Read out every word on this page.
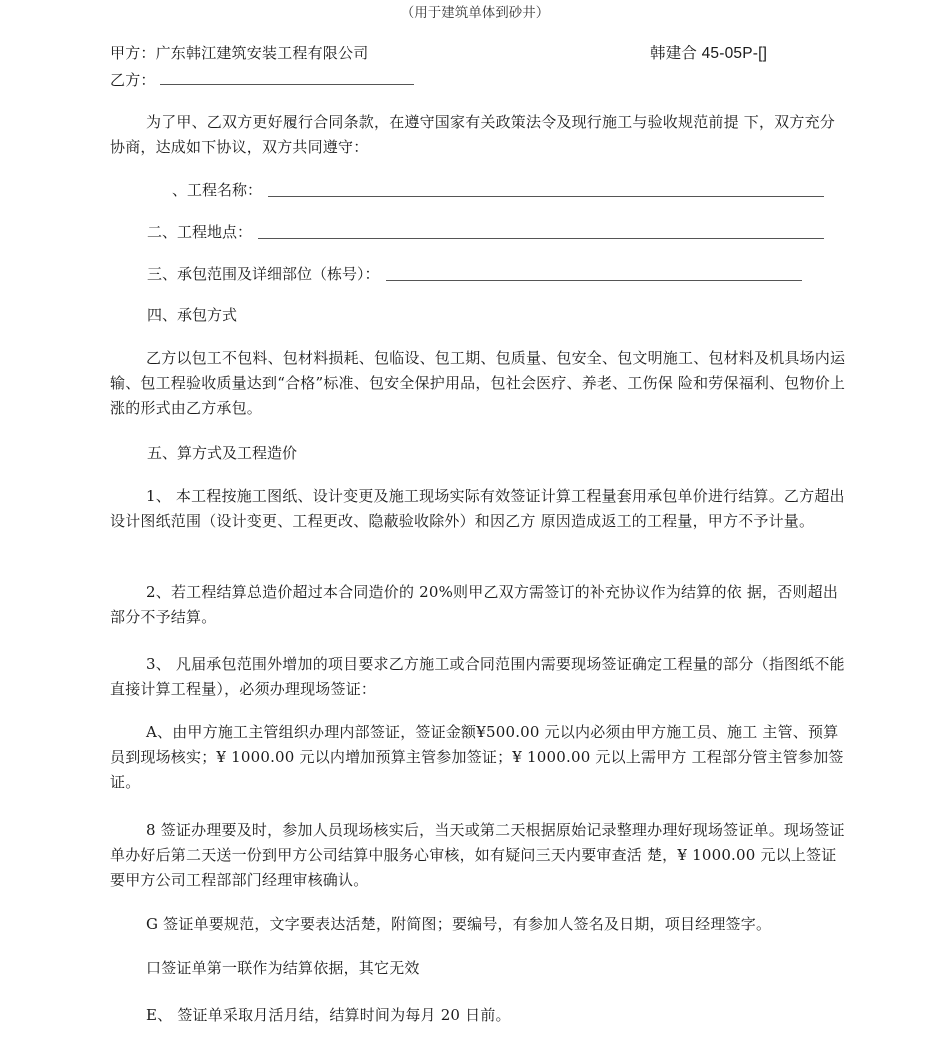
（用于建筑单体到砂井）
甲方：广东韩江建筑安装工程有限公司	韩建合 45-05P-[]
乙方：
为了甲、乙双方更好履行合同条款，在遵守国家有关政策法令及现行施工与验收规范前提 下，双方充分协商，达成如下协议，双方共同遵守：
、工程名称：
二、工程地点：
三、承包范围及详细部位（栋号）：
四、承包方式
乙方以包工不包料、包材料损耗、包临设、包工期、包质量、包安全、包文明施工、包材料及机具场内运输、包工程验收质量达到“合格”标准、包安全保护用品，包社会医疗、养老、工伤保 险和劳保福利、包物价上涨的形式由乙方承包。
五、算方式及工程造价
1、 本工程按施工图纸、设计变更及施工现场实际有效签证计算工程量套用承包单价进行结算。乙方超出设计图纸范围（设计变更、工程更改、隐蔽验收除外）和因乙方 原因造成返工的工程量，甲方不予计量。
2、若工程结算总造价超过本合同造价的 20%则甲乙双方需签订的补充协议作为结算的依 据，否则超出部分不予结算。
3、 凡届承包范围外增加的项目要求乙方施工或合同范围内需要现场签证确定工程量的部分（指图纸不能直接计算工程量），必须办理现场签证：
A、由甲方施工主管组织办理内部签证，签证金额¥500.00 元以内必须由甲方施工员、施工 主管、预算员到现场核实；¥ 1000.00 元以内增加预算主管参加签证；¥ 1000.00 元以上需甲方 工程部分管主管参加签证。
8 签证办理要及时，参加人员现场核实后，当天或第二天根据原始记录整理办理好现场签证单。现场签证单办好后第二天送一份到甲方公司结算中服务心审核，如有疑问三天内要审查活 楚，¥ 1000.00 元以上签证要甲方公司工程部部门经理审核确认。
G 签证单要规范，文字要表达活楚，附简图；要编号，有参加人签名及日期，项目经理签字。
口签证单第一联作为结算依据，其它无效
E、 签证单采取月活月结，结算时间为每月 20 日前。
